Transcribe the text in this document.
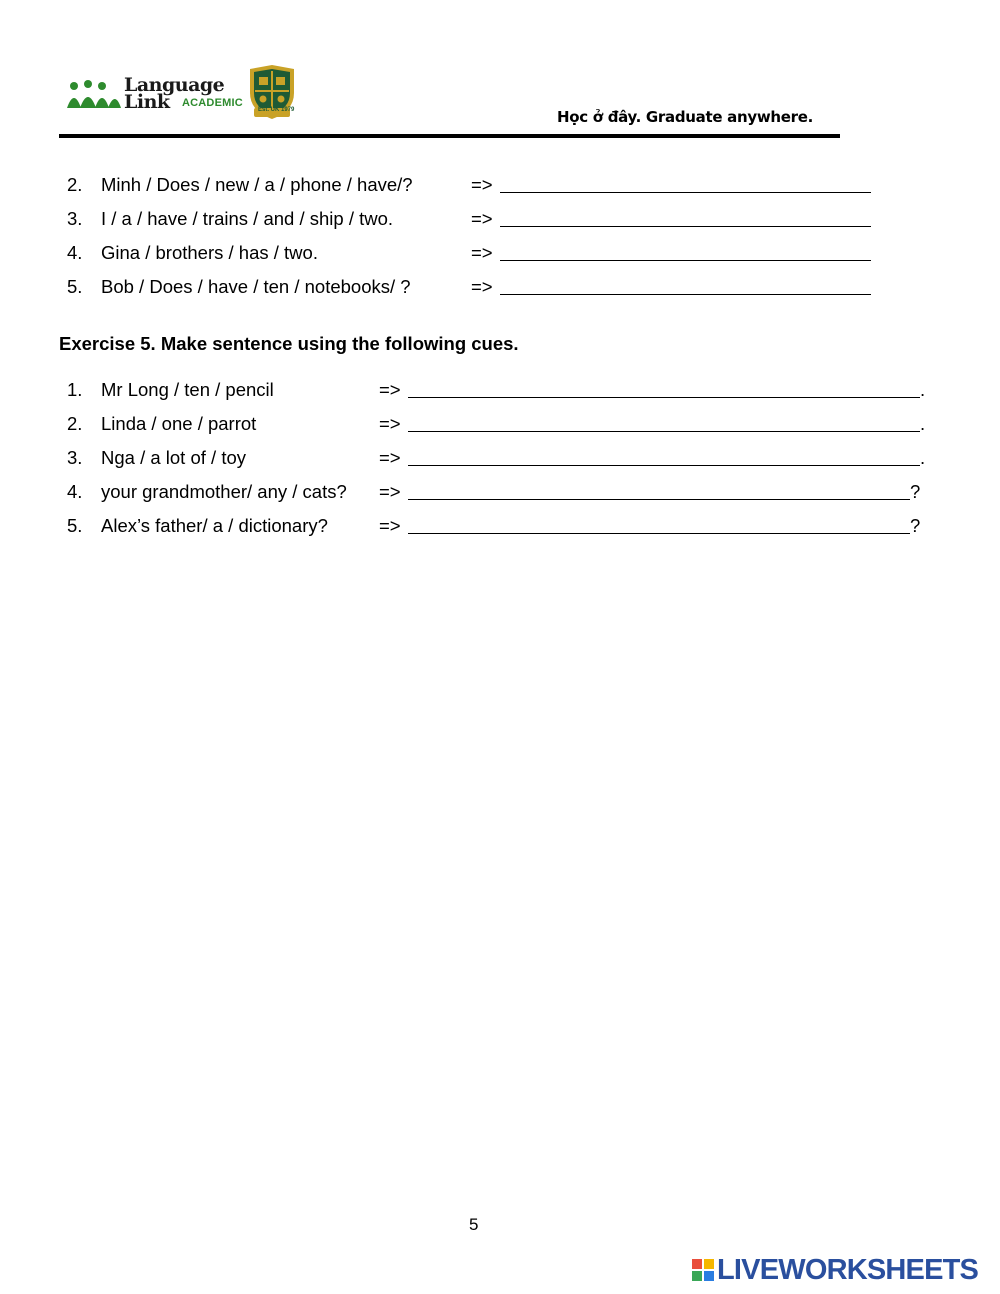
Language
Link ACADEMIC
Est. UK 1979	Học ở đây. Graduate anywhere.
2. Minh / Does / new / a / phone / have/?	=>
3. I / a / have / trains / and / ship / two.	=>
4. Gina / brothers / has / two.	=>
5. Bob / Does / have / ten / notebooks/ ?	=>
Exercise 5. Make sentence using the following cues.
1. Mr Long / ten / pencil	=>	.
2. Linda / one / parrot	=>	.
3. Nga / a lot of / toy	=>	.
4. your grandmother/ any / cats? =>	?
5. Alex’s father/ a / dictionary?	=>	?
5
LIVEWORKSHEETS
